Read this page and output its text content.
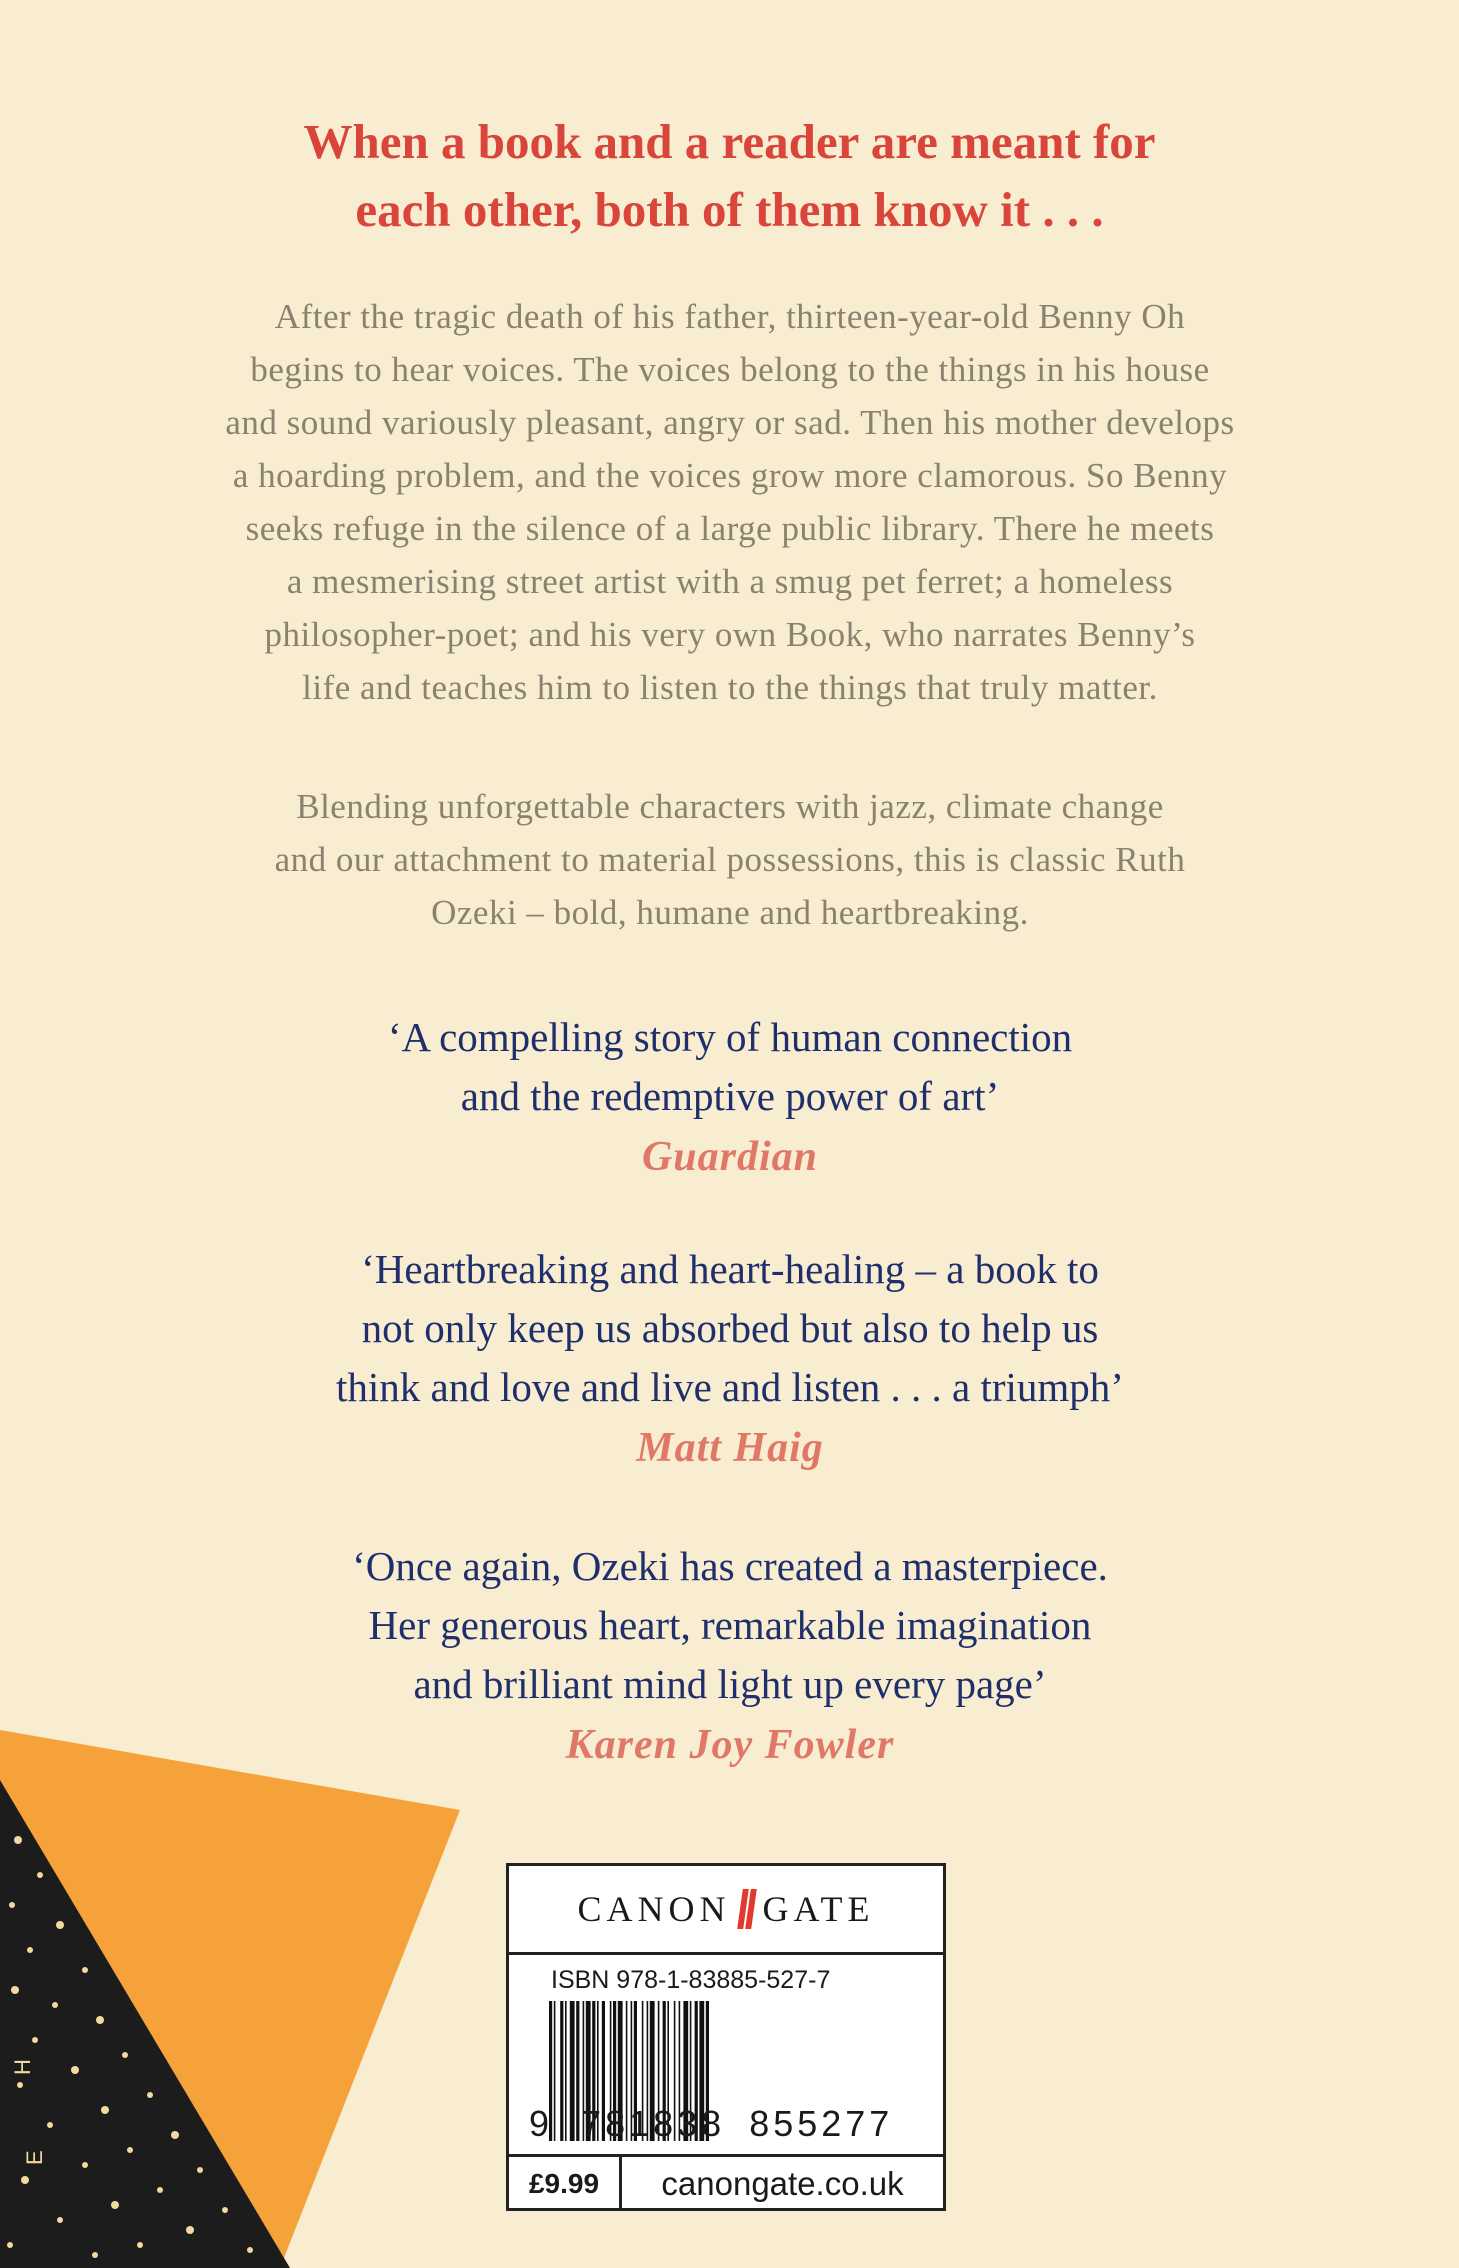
When a book and a reader are meant for
each other, both of them know it . . .
After the tragic death of his father, thirteen-year-old Benny Oh
begins to hear voices. The voices belong to the things in his house
and sound variously pleasant, angry or sad. Then his mother develops
a hoarding problem, and the voices grow more clamorous. So Benny
seeks refuge in the silence of a large public library. There he meets
a mesmerising street artist with a smug pet ferret; a homeless
philosopher-poet; and his very own Book, who narrates Benny’s
life and teaches him to listen to the things that truly matter.
Blending unforgettable characters with jazz, climate change
and our attachment to material possessions, this is classic Ruth
Ozeki – bold, humane and heartbreaking.
‘A compelling story of human connection
and the redemptive power of art’
Guardian
‘Heartbreaking and heart-healing – a book to
not only keep us absorbed but also to help us
think and love and live and listen . . . a triumph’
Matt Haig
‘Once again, Ozeki has created a masterpiece.
Her generous heart, remarkable imagination
and brilliant mind light up every page’
Karen Joy Fowler
H
E
CANON GATE
ISBN 978-1-83885-527-7
9 781838 855277
£9.99	canongate.co.uk
